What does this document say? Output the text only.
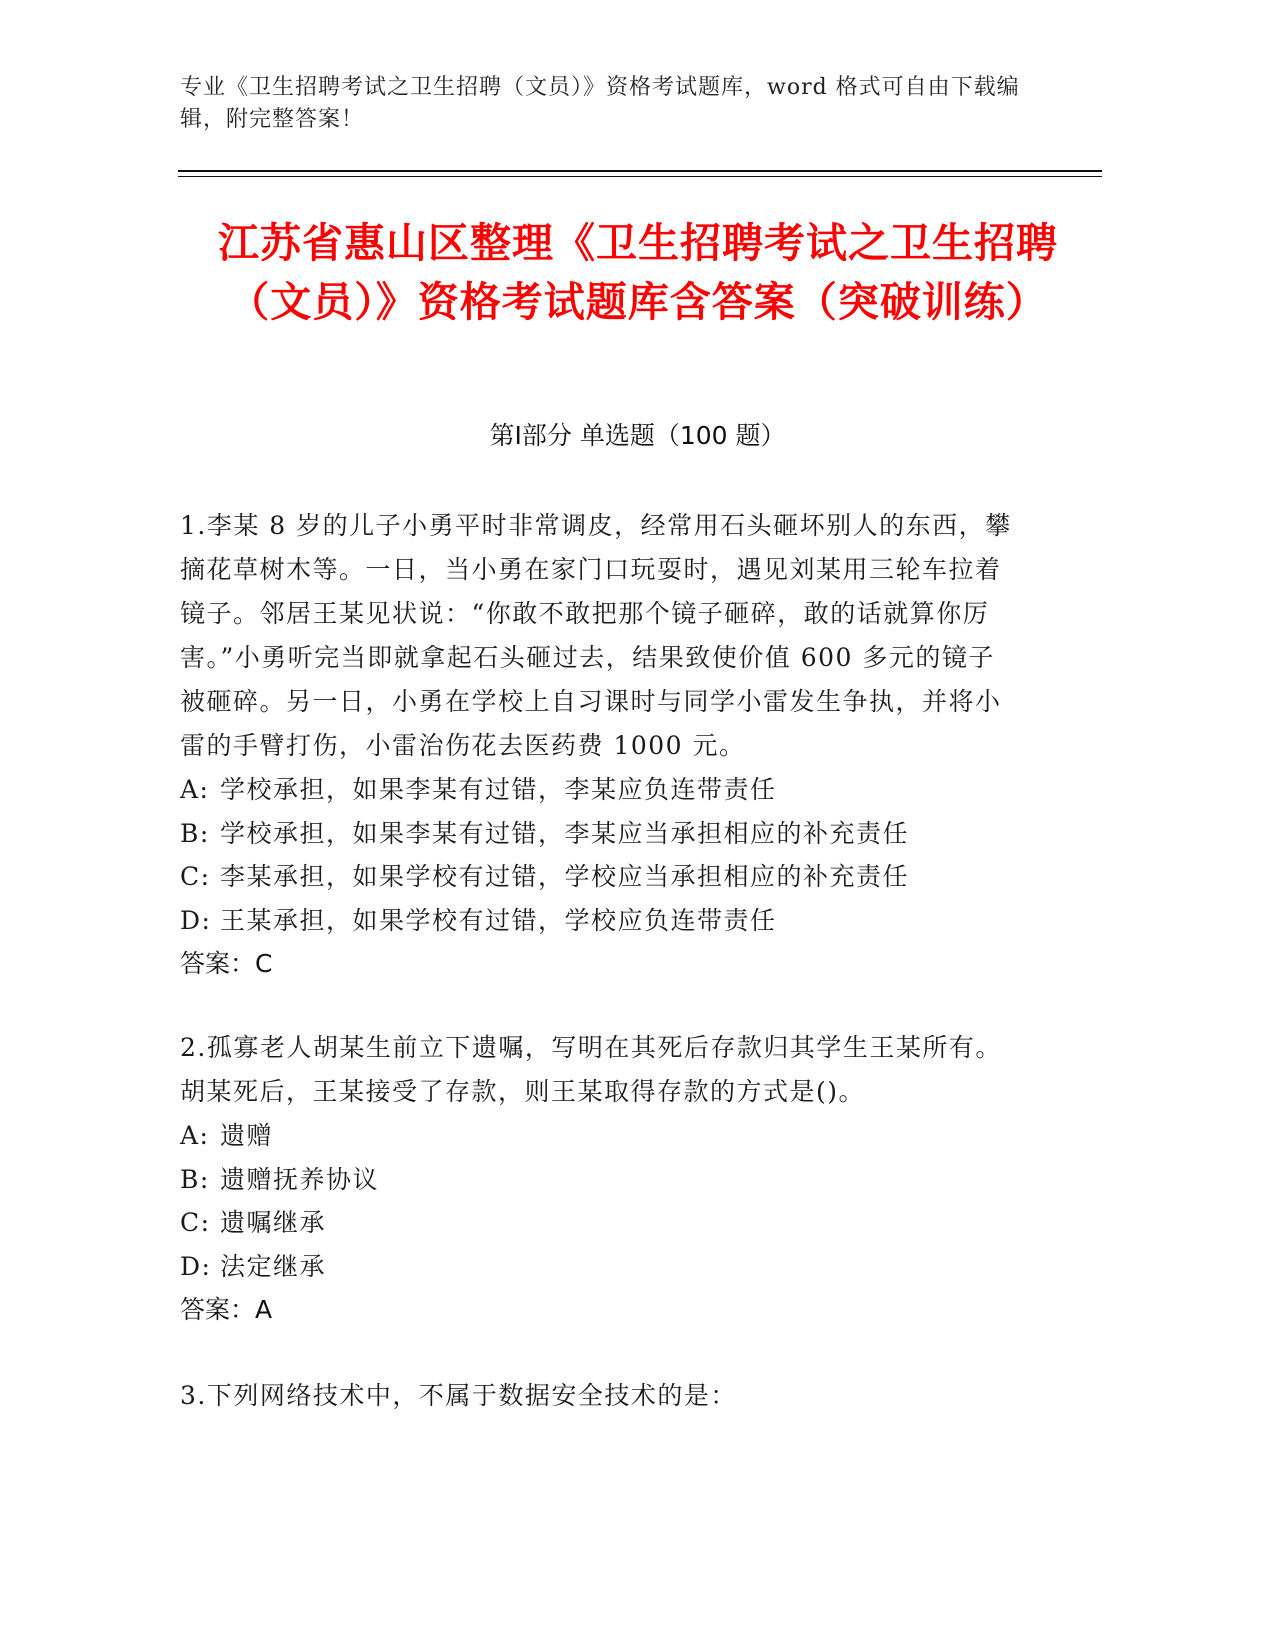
专业《卫生招聘考试之卫生招聘（文员）》资格考试题库，word 格式可自由下载编辑，附完整答案！
江苏省惠山区整理《卫生招聘考试之卫生招聘（文员）》资格考试题库含答案（突破训练）
第Ⅰ部分 单选题（100 题）

1.李某 8 岁的儿子小勇平时非常调皮，经常用石头砸坏别人的东西，攀摘花草树木等。一日，当小勇在家门口玩耍时，遇见刘某用三轮车拉着镜子。邻居王某见状说：“你敢不敢把那个镜子砸碎，敢的话就算你厉害。”小勇听完当即就拿起石头砸过去，结果致使价值 600 多元的镜子被砸碎。另一日，小勇在学校上自习课时与同学小雷发生争执，并将小雷的手臂打伤，小雷治伤花去医药费 1000 元。

A: 学校承担，如果李某有过错，李某应负连带责任

B: 学校承担，如果李某有过错，李某应当承担相应的补充责任

C: 李某承担，如果学校有过错，学校应当承担相应的补充责任

D: 王某承担，如果学校有过错，学校应负连带责任

答案：C

2.孤寡老人胡某生前立下遗嘱，写明在其死后存款归其学生王某所有。胡某死后，王某接受了存款，则王某取得存款的方式是()。

A: 遗赠

B: 遗赠抚养协议

C: 遗嘱继承

D: 法定继承

答案：A

3.下列网络技术中，不属于数据安全技术的是：
